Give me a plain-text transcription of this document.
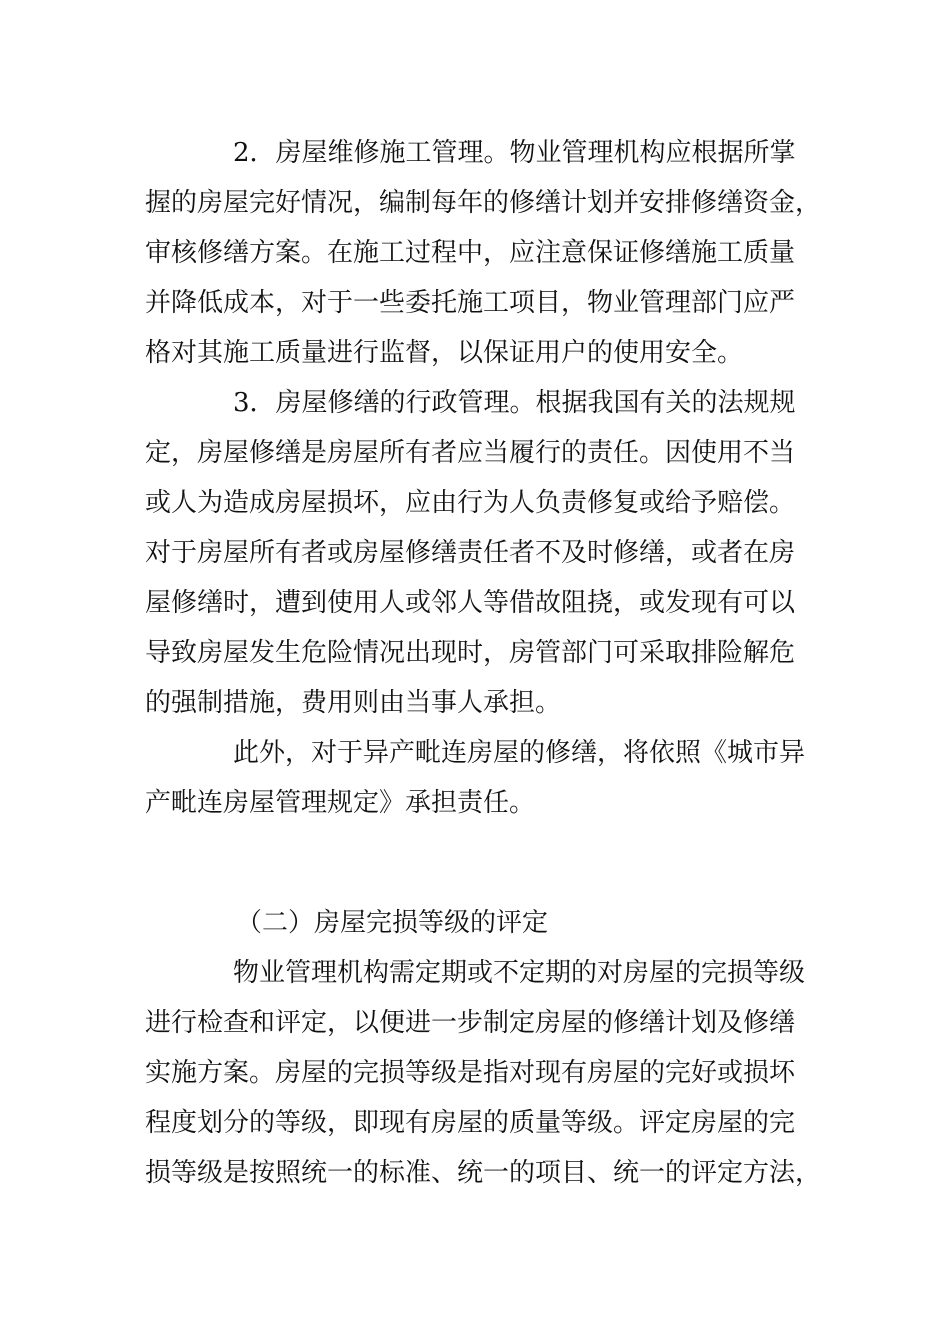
2．房屋维修施工管理。物业管理机构应根据所掌
握的房屋完好情况，编制每年的修缮计划并安排修缮资金，
审核修缮方案。在施工过程中，应注意保证修缮施工质量
并降低成本，对于一些委托施工项目，物业管理部门应严
格对其施工质量进行监督，以保证用户的使用安全。
3．房屋修缮的行政管理。根据我国有关的法规规
定，房屋修缮是房屋所有者应当履行的责任。因使用不当
或人为造成房屋损坏，应由行为人负责修复或给予赔偿。
对于房屋所有者或房屋修缮责任者不及时修缮，或者在房
屋修缮时，遭到使用人或邻人等借故阻挠，或发现有可以
导致房屋发生危险情况出现时，房管部门可采取排险解危
的强制措施，费用则由当事人承担。
此外，对于异产毗连房屋的修缮，将依照《城市异
产毗连房屋管理规定》承担责任。
（二）房屋完损等级的评定
物业管理机构需定期或不定期的对房屋的完损等级
进行检查和评定，以便进一步制定房屋的修缮计划及修缮
实施方案。房屋的完损等级是指对现有房屋的完好或损坏
程度划分的等级，即现有房屋的质量等级。评定房屋的完
损等级是按照统一的标准、统一的项目、统一的评定方法，
